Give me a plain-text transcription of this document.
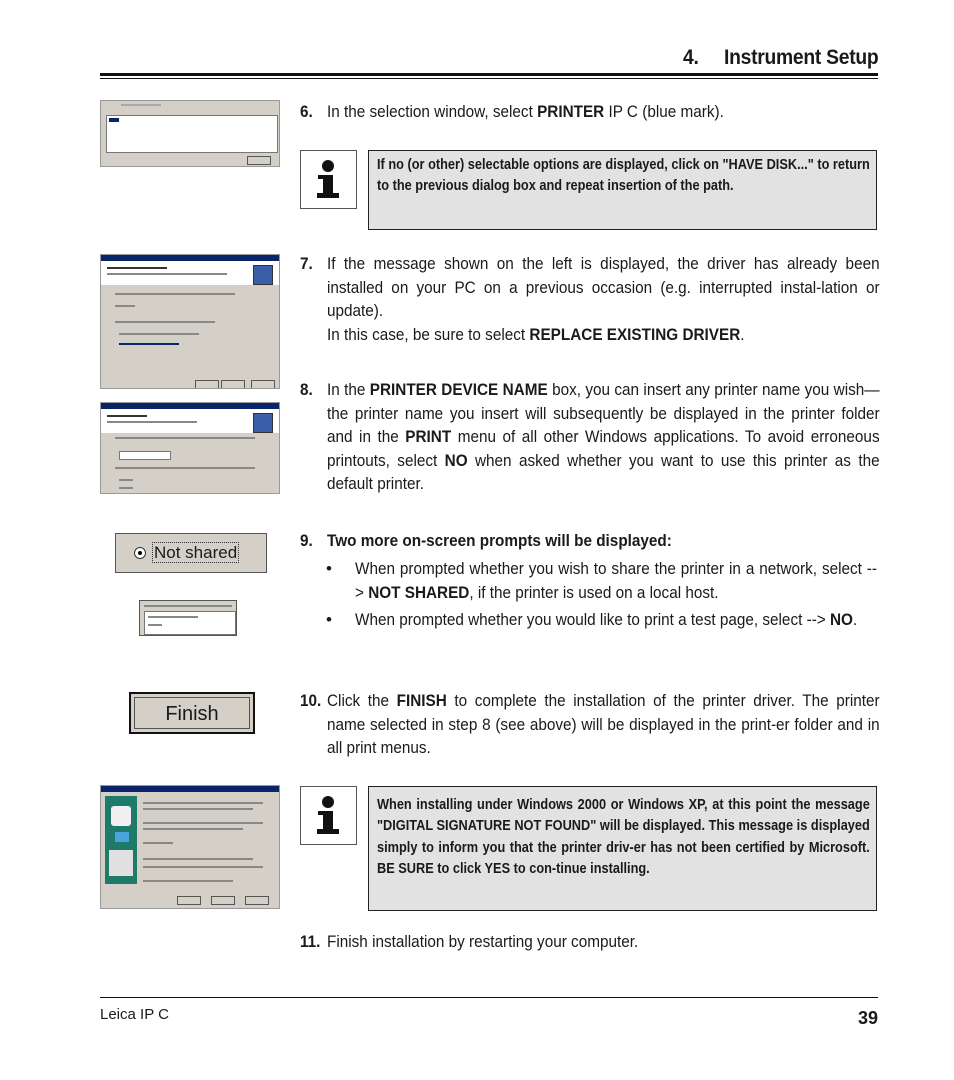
4.     Instrument Setup
6. In the selection window, select PRINTER IP C (blue mark).
If no (or other) selectable options are displayed, click on "HAVE DISK..." to return to the previous dialog box and repeat insertion of the path.
7. If the message shown on the left is displayed, the driver has already been installed on your PC on a previous occasion (e.g. interrupted instal-lation or update).
In this case, be sure to select REPLACE EXISTING DRIVER.
8. In the PRINTER DEVICE NAME box, you can insert any printer name you wish—the printer name you insert will subsequently be displayed in the printer folder and in the PRINT menu of all other Windows applications. To avoid erroneous printouts, select NO when asked whether you want to use this printer as the default printer.
Not shared
9. Two more on-screen prompts will be displayed:
• When prompted whether you wish to share the printer in a network, select --> NOT SHARED, if the printer is used on a local host.
• When prompted whether you would like to print a test page, select --> NO.
Finish
10. Click the FINISH to complete the installation of the printer driver. The printer name selected in step 8 (see above) will be displayed in the print-er folder and in all print menus.
When installing under Windows 2000 or Windows XP, at this point the message "DIGITAL SIGNATURE NOT FOUND" will be displayed. This message is displayed simply to inform you that the printer driv-er has not been certified by Microsoft. BE SURE to click YES to con-tinue installing.
11. Finish installation by restarting your computer.
Leica IP C	39
